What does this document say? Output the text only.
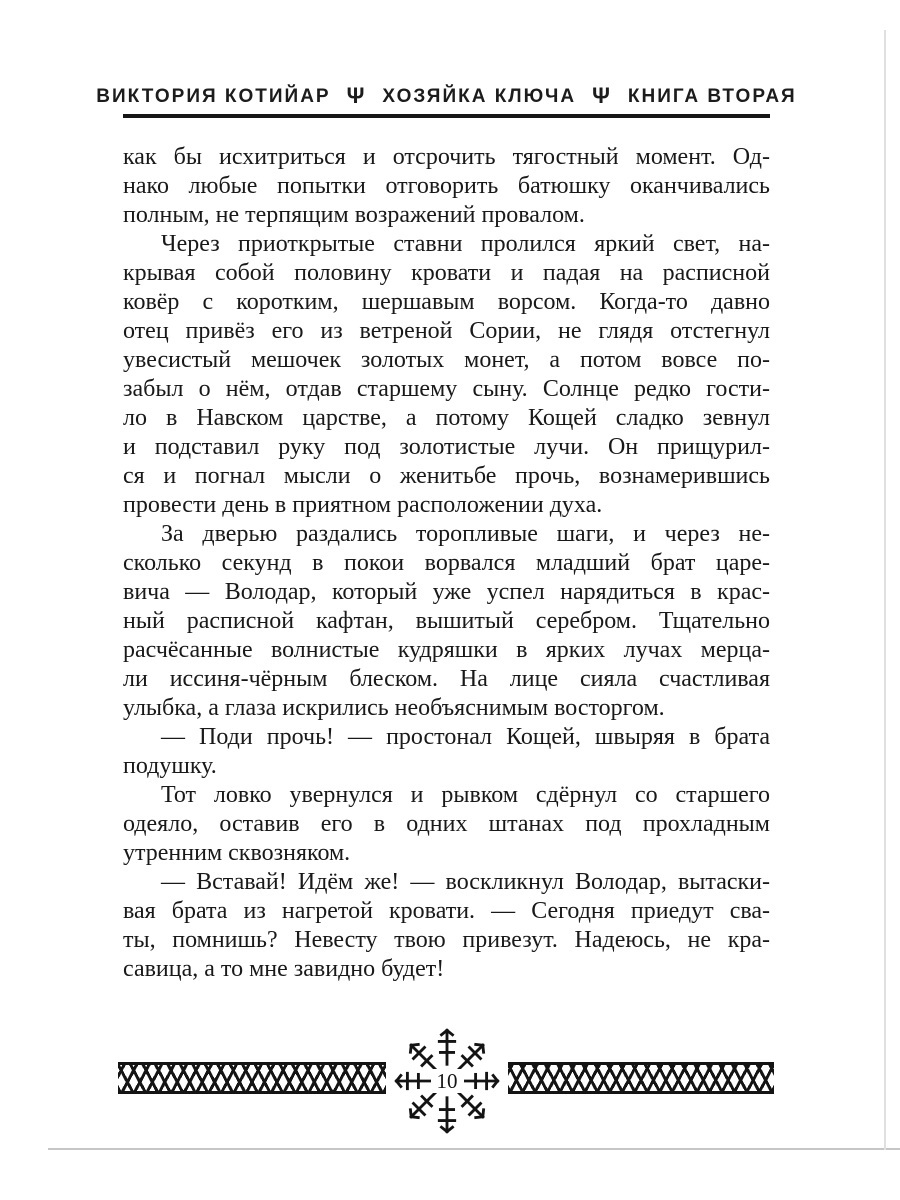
ВИКТОРИЯ КОТИЙАР Ψ ХОЗЯЙКА КЛЮЧА Ψ КНИГА ВТОРАЯ
как бы исхитриться и отсрочить тягостный момент. Од-
нако любые попытки отговорить батюшку оканчивались
полным, не терпящим возражений провалом.
Через приоткрытые ставни пролился яркий свет, на-
крывая собой половину кровати и падая на расписной
ковёр с коротким, шершавым ворсом. Когда-то давно
отец привёз его из ветреной Сории, не глядя отстегнул
увесистый мешочек золотых монет, а потом вовсе по-
забыл о нём, отдав старшему сыну. Солнце редко гости-
ло в Навском царстве, а потому Кощей сладко зевнул
и подставил руку под золотистые лучи. Он прищурил-
ся и погнал мысли о женитьбе прочь, вознамерившись
провести день в приятном расположении духа.
За дверью раздались торопливые шаги, и через не-
сколько секунд в покои ворвался младший брат царе-
вича — Володар, который уже успел нарядиться в крас-
ный расписной кафтан, вышитый серебром. Тщательно
расчёсанные волнистые кудряшки в ярких лучах мерца-
ли иссиня-чёрным блеском. На лице сияла счастливая
улыбка, а глаза искрились необъяснимым восторгом.
— Поди прочь! — простонал Кощей, швыряя в брата
подушку.
Тот ловко увернулся и рывком сдёрнул со старшего
одеяло, оставив его в одних штанах под прохладным
утренним сквозняком.
— Вставай! Идём же! — воскликнул Володар, вытаски-
вая брата из нагретой кровати. — Сегодня приедут сва-
ты, помнишь? Невесту твою привезут. Надеюсь, не кра-
савица, а то мне завидно будет!
10
